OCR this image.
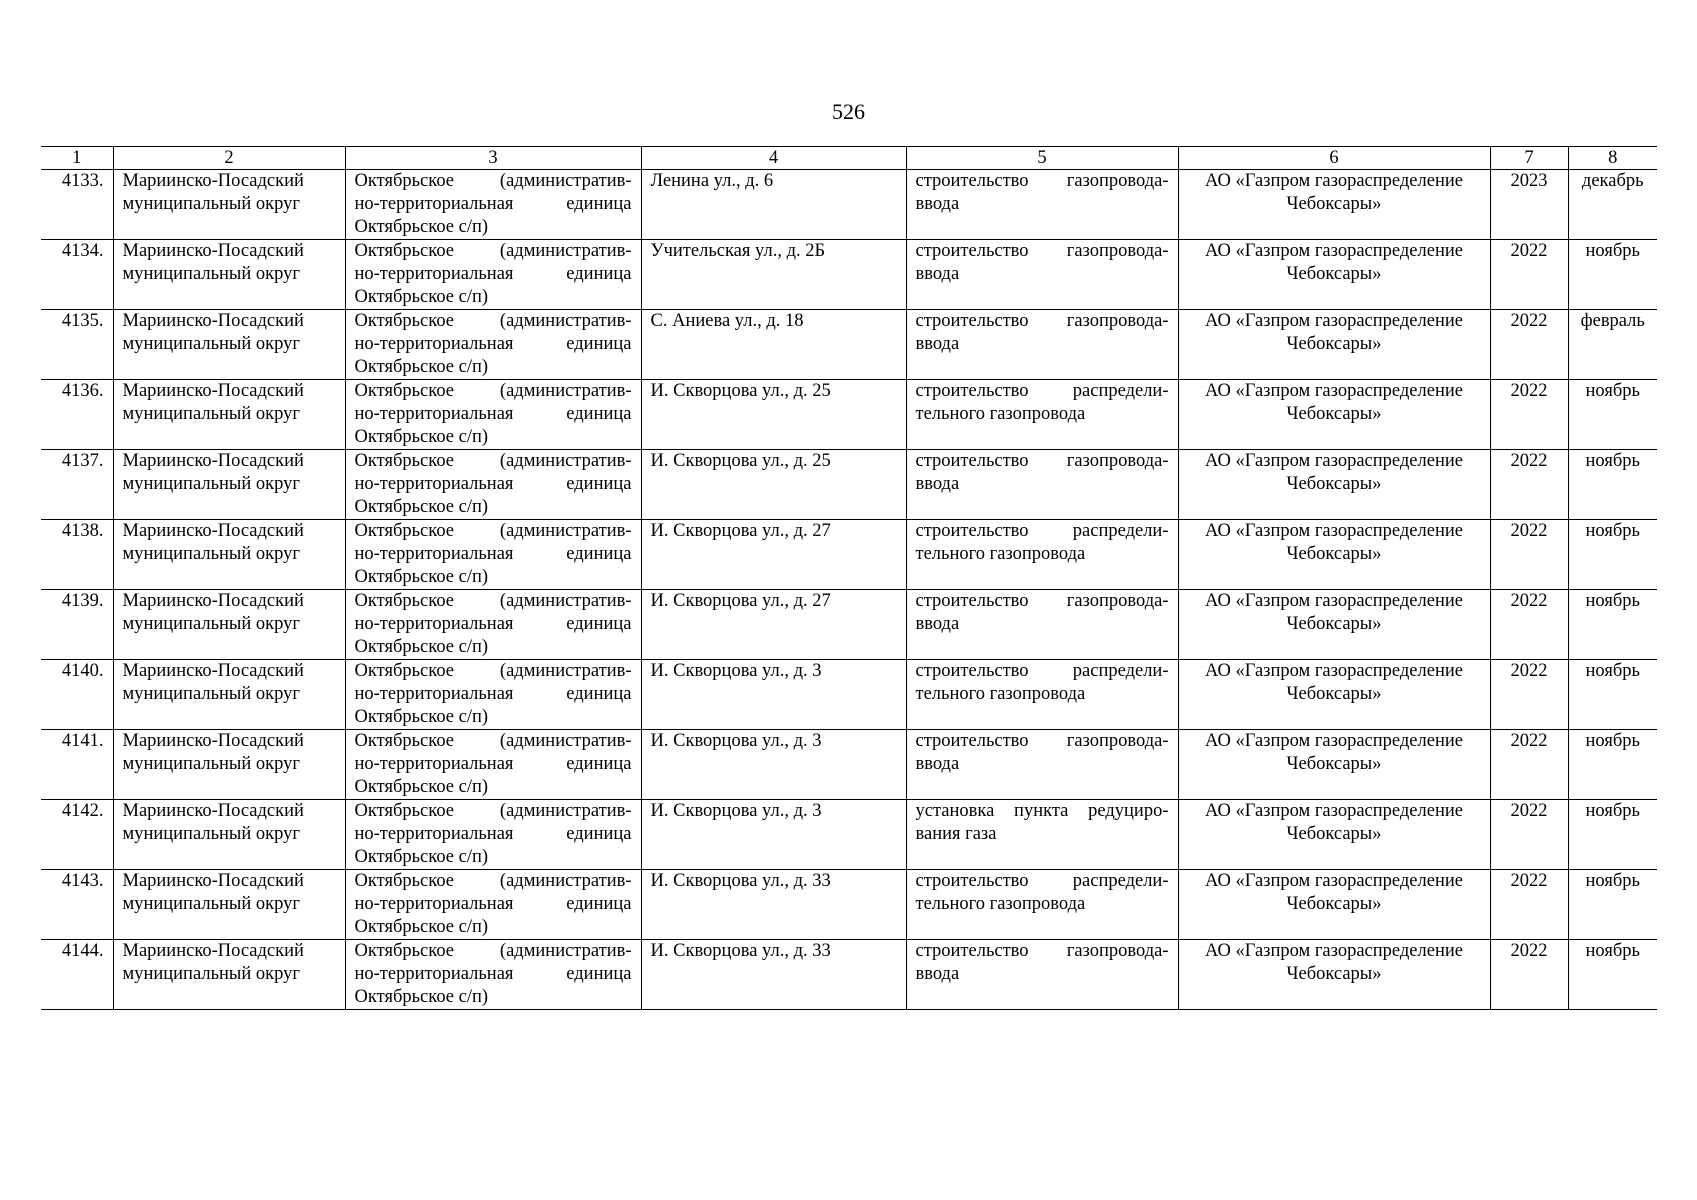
526
1	2	3	4	5	6	7	8

4133.	Мариинско-Посадский
муниципальный округ	Октябрьское (административ-
но-территориальная единица
Октябрьское с/п)	Ленина ул., д. 6	строительство газопровода-
ввода	АО «Газпром газораспределение
Чебоксары»	2023	декабрь

4134.	Мариинско-Посадский
муниципальный округ	Октябрьское (административ-
но-территориальная единица
Октябрьское с/п)	Учительская ул., д. 2Б	строительство газопровода-
ввода	АО «Газпром газораспределение
Чебоксары»	2022	ноябрь

4135.	Мариинско-Посадский
муниципальный округ	Октябрьское (административ-
но-территориальная единица
Октябрьское с/п)	С. Аниева ул., д. 18	строительство газопровода-
ввода	АО «Газпром газораспределение
Чебоксары»	2022	февраль

4136.	Мариинско-Посадский
муниципальный округ	Октябрьское (административ-
но-территориальная единица
Октябрьское с/п)	И. Скворцова ул., д. 25	строительство распредели-
тельного газопровода	АО «Газпром газораспределение
Чебоксары»	2022	ноябрь

4137.	Мариинско-Посадский
муниципальный округ	Октябрьское (административ-
но-территориальная единица
Октябрьское с/п)	И. Скворцова ул., д. 25	строительство газопровода-
ввода	АО «Газпром газораспределение
Чебоксары»	2022	ноябрь

4138.	Мариинско-Посадский
муниципальный округ	Октябрьское (административ-
но-территориальная единица
Октябрьское с/п)	И. Скворцова ул., д. 27	строительство распредели-
тельного газопровода	АО «Газпром газораспределение
Чебоксары»	2022	ноябрь

4139.	Мариинско-Посадский
муниципальный округ	Октябрьское (административ-
но-территориальная единица
Октябрьское с/п)	И. Скворцова ул., д. 27	строительство газопровода-
ввода	АО «Газпром газораспределение
Чебоксары»	2022	ноябрь

4140.	Мариинско-Посадский
муниципальный округ	Октябрьское (административ-
но-территориальная единица
Октябрьское с/п)	И. Скворцова ул., д. 3	строительство распредели-
тельного газопровода	АО «Газпром газораспределение
Чебоксары»	2022	ноябрь

4141.	Мариинско-Посадский
муниципальный округ	Октябрьское (административ-
но-территориальная единица
Октябрьское с/п)	И. Скворцова ул., д. 3	строительство газопровода-
ввода	АО «Газпром газораспределение
Чебоксары»	2022	ноябрь

4142.	Мариинско-Посадский
муниципальный округ	Октябрьское (административ-
но-территориальная единица
Октябрьское с/п)	И. Скворцова ул., д. 3	установка пункта редуциро-
вания газа	АО «Газпром газораспределение
Чебоксары»	2022	ноябрь

4143.	Мариинско-Посадский
муниципальный округ	Октябрьское (административ-
но-территориальная единица
Октябрьское с/п)	И. Скворцова ул., д. 33	строительство распредели-
тельного газопровода	АО «Газпром газораспределение
Чебоксары»	2022	ноябрь

4144.	Мариинско-Посадский
муниципальный округ	Октябрьское (административ-
но-территориальная единица
Октябрьское с/п)	И. Скворцова ул., д. 33	строительство газопровода-
ввода	АО «Газпром газораспределение
Чебоксары»	2022	ноябрь
